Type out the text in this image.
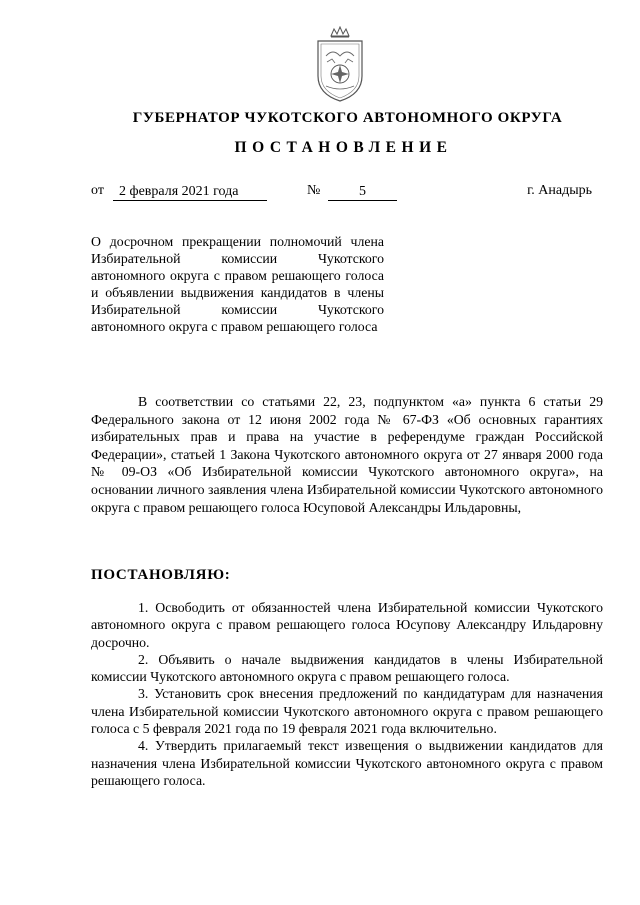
ГУБЕРНАТОР ЧУКОТСКОГО АВТОНОМНОГО ОКРУГА
ПОСТАНОВЛЕНИЕ
от	2 февраля 2021 года	№	5	г. Анадырь
О досрочном прекращении полномочий члена Избирательной комиссии Чукотского автономного округа с правом решающего голоса и объявлении выдвижения кандидатов в члены Избирательной комиссии Чукотского автономного округа с правом решающего голоса
В соответствии со статьями 22, 23, подпунктом «а» пункта 6 статьи 29 Федерального закона от 12 июня 2002 года № 67-ФЗ «Об основных гарантиях избирательных прав и права на участие в референдуме граждан Российской Федерации», статьей 1 Закона Чукотского автономного округа от 27 января 2000 года № 09-ОЗ «Об Избирательной комиссии Чукотского автономного округа», на основании личного заявления члена Избирательной комиссии Чукотского автономного округа с правом решающего голоса Юсуповой Александры Ильдаровны,
ПОСТАНОВЛЯЮ:

1. Освободить от обязанностей члена Избирательной комиссии Чукотского автономного округа с правом решающего голоса Юсупову Александру Ильдаровну досрочно.

2. Объявить о начале выдвижения кандидатов в члены Избирательной комиссии Чукотского автономного округа с правом решающего голоса.

3. Установить срок внесения предложений по кандидатурам для назначения члена Избирательной комиссии Чукотского автономного округа с правом решающего голоса с 5 февраля 2021 года по 19 февраля 2021 года включительно.

4. Утвердить прилагаемый текст извещения о выдвижении кандидатов для назначения члена Избирательной комиссии Чукотского автономного округа с правом решающего голоса.
